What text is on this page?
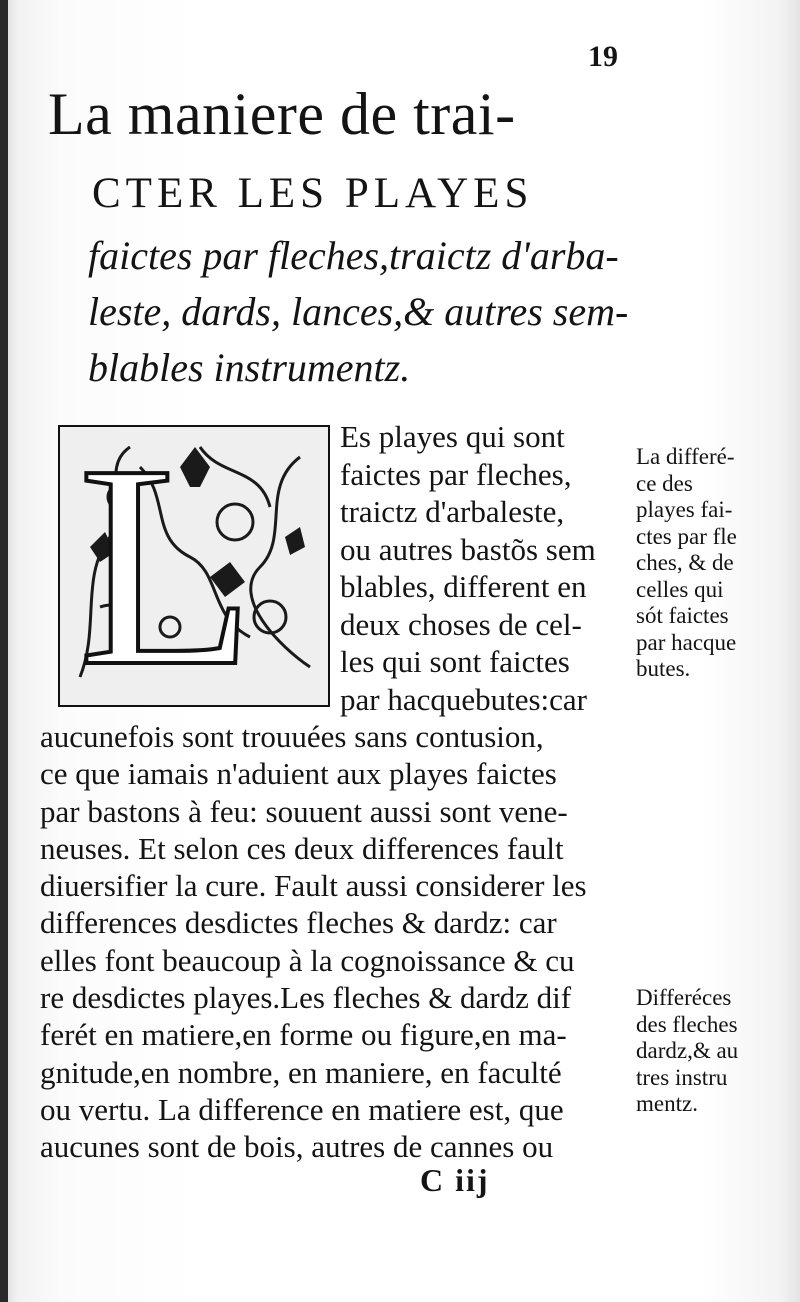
19
La maniere de trai-
CTER LES PLAYES
faictes par fleches,traictz d'arba-
leste, dards, lances,& autres sem-
blables instrumentz.
L	Es playes qui sont
faictes par fleches,
traictz d'arbaleste,
ou autres bastõs sem
blables, different en
deux choses de cel-
les qui sont faictes
par hacquebutes:car
aucunefois sont trouuées sans contusion,
ce que iamais n'aduient aux playes faictes
par bastons à feu: souuent aussi sont vene-
neuses. Et selon ces deux differences fault
diuersifier la cure. Fault aussi considerer les
differences desdictes fleches & dardz: car
elles font beaucoup à la cognoissance & cu
re desdictes playes.Les fleches & dardz dif
ferét en matiere,en forme ou figure,en ma-
gnitude,en nombre, en maniere, en faculté
ou vertu. La difference en matiere est, que
aucunes sont de bois, autres de cannes ou
La differé-
ce des
playes fai-
ctes par fle
ches, & de
celles qui
sót faictes
par hacque
butes.
Differéces
des fleches
dardz,& au
tres instru
mentz.
C iij
